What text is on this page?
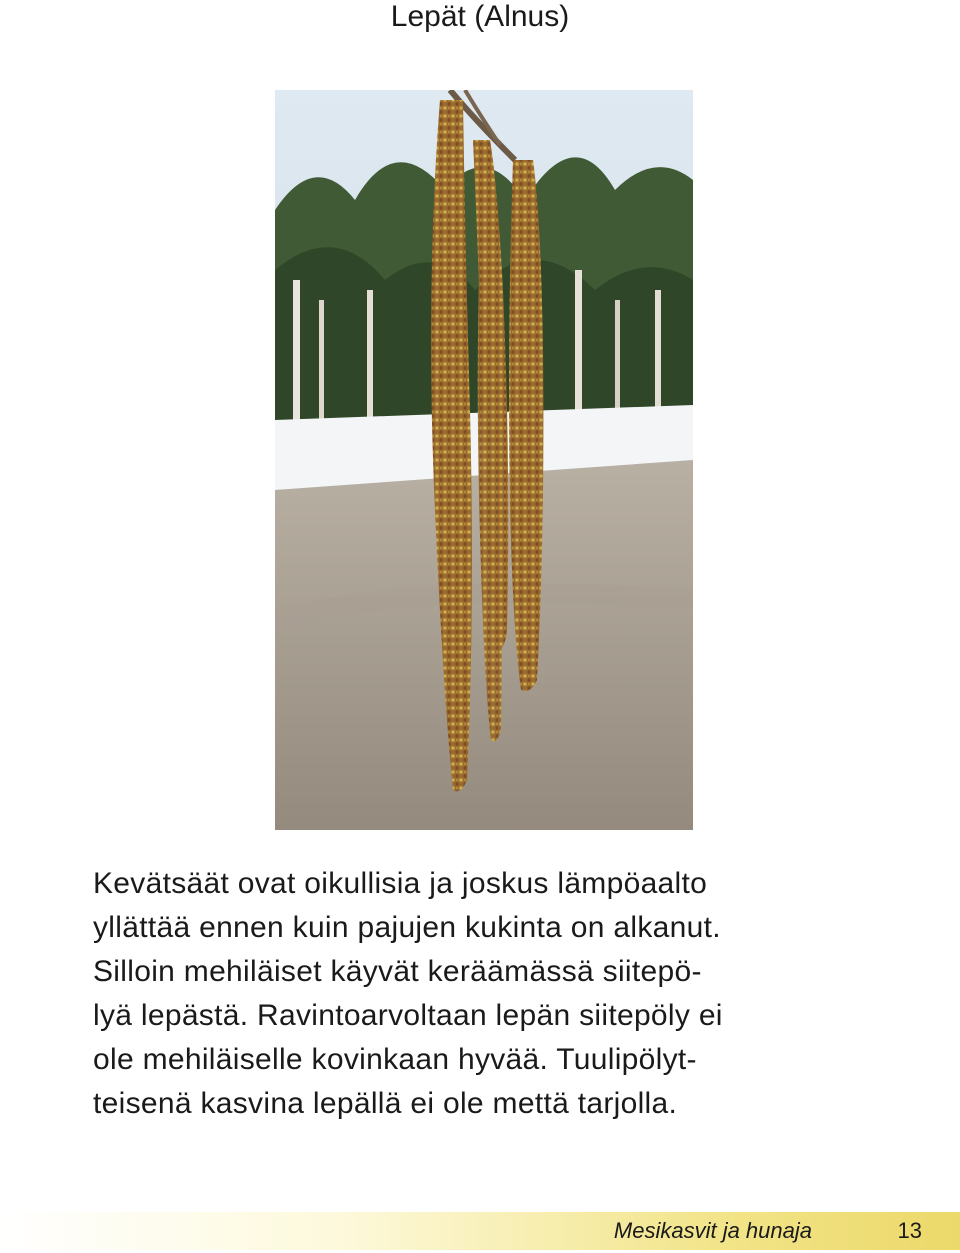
Lepät (Alnus)

Kevätsäät ovat oikullisia ja joskus lämpöaalto

yllättää ennen kuin pajujen kukinta on alkanut.

Silloin mehiläiset käyvät keräämässä siitepö-

lyä lepästä. Ravintoarvoltaan lepän siitepöly ei

ole mehiläiselle kovinkaan hyvää. Tuulipölyt-

teisenä kasvina lepällä ei ole mettä tarjolla.

Mesikasvit ja hunaja	13
